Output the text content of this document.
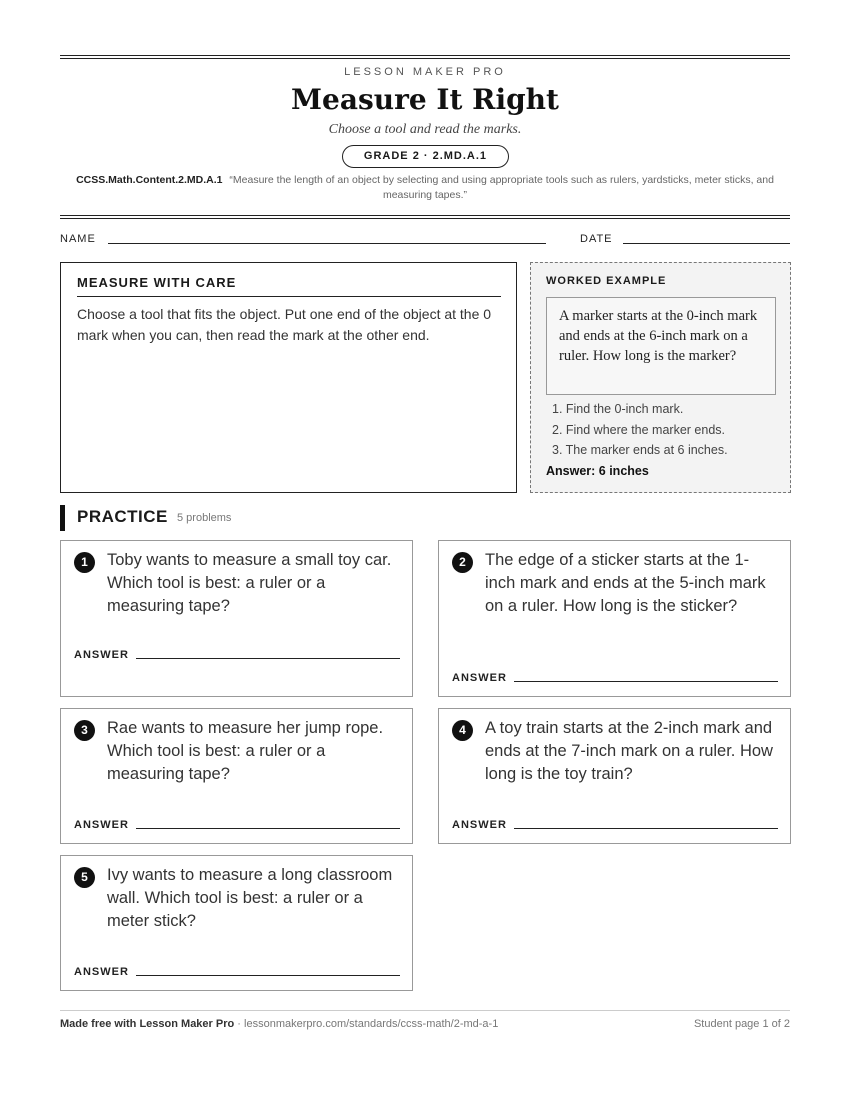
LESSON MAKER PRO
Measure It Right
Choose a tool and read the marks.
GRADE 2 · 2.MD.A.1
CCSS.Math.Content.2.MD.A.1 “Measure the length of an object by selecting and using appropriate tools such as rulers, yardsticks, meter sticks, and measuring tapes.”
NAME	DATE
MEASURE WITH CARE
Choose a tool that fits the object. Put one end of the object at the 0 mark when you can, then read the mark at the other end.
WORKED EXAMPLE
A marker starts at the 0-inch mark and ends at the 6-inch mark on a ruler. How long is the marker?
1. Find the 0-inch mark.
2. Find where the marker ends.
3. The marker ends at 6 inches.
Answer: 6 inches
PRACTICE 5 problems
1	Toby wants to measure a small toy car. Which tool is best: a ruler or a measuring tape?
ANSWER
2	The edge of a sticker starts at the 1-inch mark and ends at the 5-inch mark on a ruler. How long is the sticker?
ANSWER
3	Rae wants to measure her jump rope. Which tool is best: a ruler or a measuring tape?
ANSWER
4	A toy train starts at the 2-inch mark and ends at the 7-inch mark on a ruler. How long is the toy train?
ANSWER
5	Ivy wants to measure a long classroom wall. Which tool is best: a ruler or a meter stick?
ANSWER
Made free with Lesson Maker Pro · lessonmakerpro.com/standards/ccss-math/2-md-a-1	Student page 1 of 2
